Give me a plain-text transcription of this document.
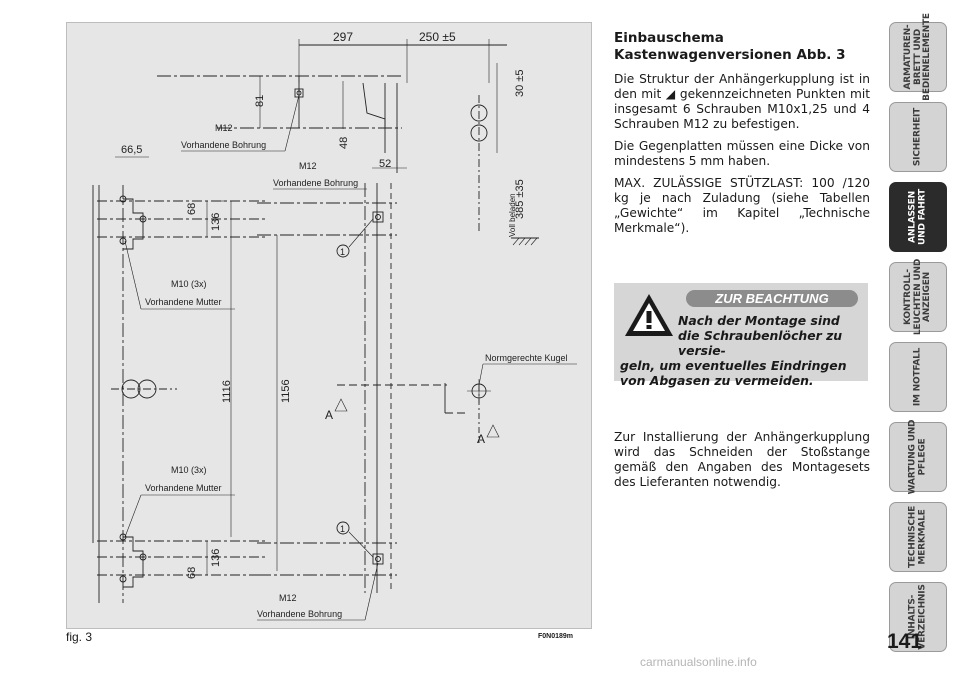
297	250 ±5
81
48
52
30 ±5
385 ±35
Voll beladen
M12
Vorhandene Bohrung
M12
Vorhandene Bohrung
66,5
68
136
M10 (3x)
Vorhandene Mutter
1116	1156
1
A
A
Normgerechte Kugel
M10 (3x)
Vorhandene Mutter
68
136
1
M12
Vorhandene Bohrung
fig. 3	F0N0189m
Einbauschema
Kastenwagenversionen Abb. 3

Die Struktur der Anhängerkupplung ist in den mit ◢ gekennzeichneten Punkten mit insgesamt 6 Schrauben M10x1,25 und 4 Schrauben M12 zu befestigen.

Die Gegenplatten müssen eine Dicke von mindestens 5 mm haben.

MAX. ZULÄSSIGE STÜTZLAST: 100 /120 kg je nach Zuladung (siehe Tabellen „Gewichte“ im Kapitel „Technische Merkmale“).

ZUR BEACHTUNG
Nach der Montage sind die Schraubenlöcher zu versie-
geln, um eventuelles Eindringen von Abgasen zu vermeiden.
Zur Installierung der Anhängerkupplung wird das Schneiden der Stoßstange gemäß den Angaben des Montagesets des Lieferanten notwendig.
ARMATUREN-
BRETT UND
BEDIENELEMENTE
SICHERHEIT
ANLASSEN
UND FAHRT
KONTROLL-
LEUCHTEN UND
ANZEIGEN
IM NOTFALL
WARTUNG UND
PFLEGE
TECHNISCHE
MERKMALE
INHALTS-
VERZEICHNIS
141
carmanualsonline.info
